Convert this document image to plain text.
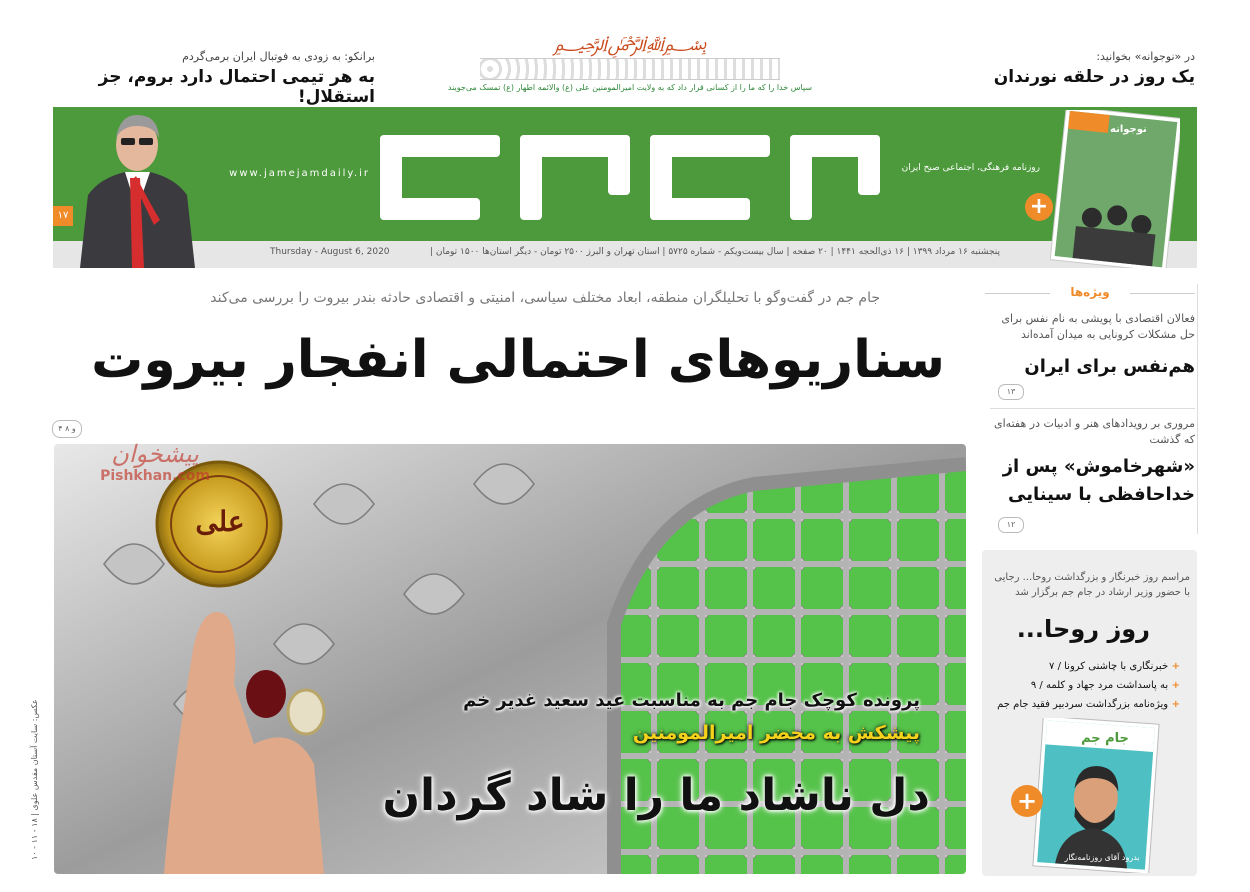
در «نوجوانه» بخوانید:
یک روز در حلقه نورندان
﷽
سپاس خدا را که ما را از کسانی قرار داد که به ولایت امیرالمومنین علی (ع) والائمه اطهار (ع) تمسک می‌جویند
برانکو: به زودی به فوتبال ایران برمی‌گردم
به هر تیمی احتمال دارد بروم، جز استقلال!
روزنامه فرهنگی، اجتماعی صبح ایران
www.jamejamdaily.ir
۱۷
نوجوانه
+
پنجشنبه ۱۶ مرداد ۱۳۹۹ | ۱۶ ذی‌الحجه ۱۴۴۱ | ۲۰ صفحه | سال بیست‌ویکم - شماره ۵۷۲۵ | استان تهران و البرز ۲۵۰۰ تومان - دیگر استان‌ها ۱۵۰۰ تومان |
Thursday - August 6, 2020
جام جم در گفت‌وگو با تحلیلگران منطقه، ابعاد مختلف سیاسی، امنیتی و اقتصادی حادثه بندر بیروت را بررسی می‌کند
سناریوهای احتمالی انفجار بیروت
۴ و ۸
علی
پیشخوان
Pishkhan.com
عکس: سایت آستان مقدس علوی | ۱۸ - ۱۱ - ۱۰	پرونده کوچک جام جم به مناسبت عید سعید غدیر خم
پیشکش به محضر امیرالمومنین
دل ناشاد ما را شاد گردان
ویژه‌ها
فعالان اقتصادی با پویشی به نام نفس برای حل مشکلات کرونایی به میدان آمده‌اند
هم‌نفس برای ایران
۱۳
مروری بر رویدادهای هنر و ادبیات در هفته‌ای که گذشت
«شهرخاموش» پس از
خداحافظی با سینایی
۱۲
مراسم روز خبرنگار و بزرگداشت روحا... رجایی با حضور وزیر ارشاد در جام جم برگزار شد
روز روحا...
+ خبرنگاری با چاشنی کرونا / ۷
+ به پاسداشت مرد جهاد و کلمه / ۹
+ ویژه‌نامه بزرگداشت سردبیر فقید جام جم
جام جم
بدرود آقای روزنامه‌نگار
+
